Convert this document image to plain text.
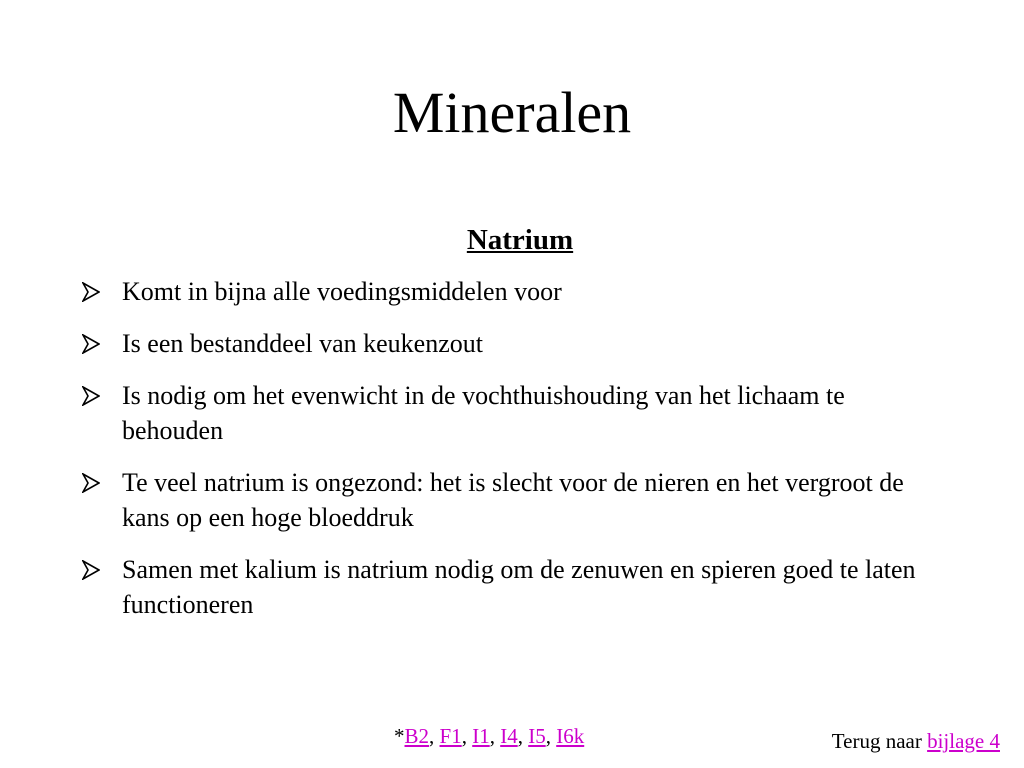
Mineralen
Natrium
Komt in bijna alle voedingsmiddelen voor
Is een bestanddeel van keukenzout
Is nodig om het evenwicht in de vochthuishouding van het lichaam te behouden
Te veel natrium is ongezond: het is slecht voor de nieren en het vergroot de kans op een hoge bloeddruk
Samen met kalium is natrium nodig om de zenuwen en spieren goed te laten functioneren
*B2, F1, I1, I4, I5, I6k	Terug naar bijlage 4
